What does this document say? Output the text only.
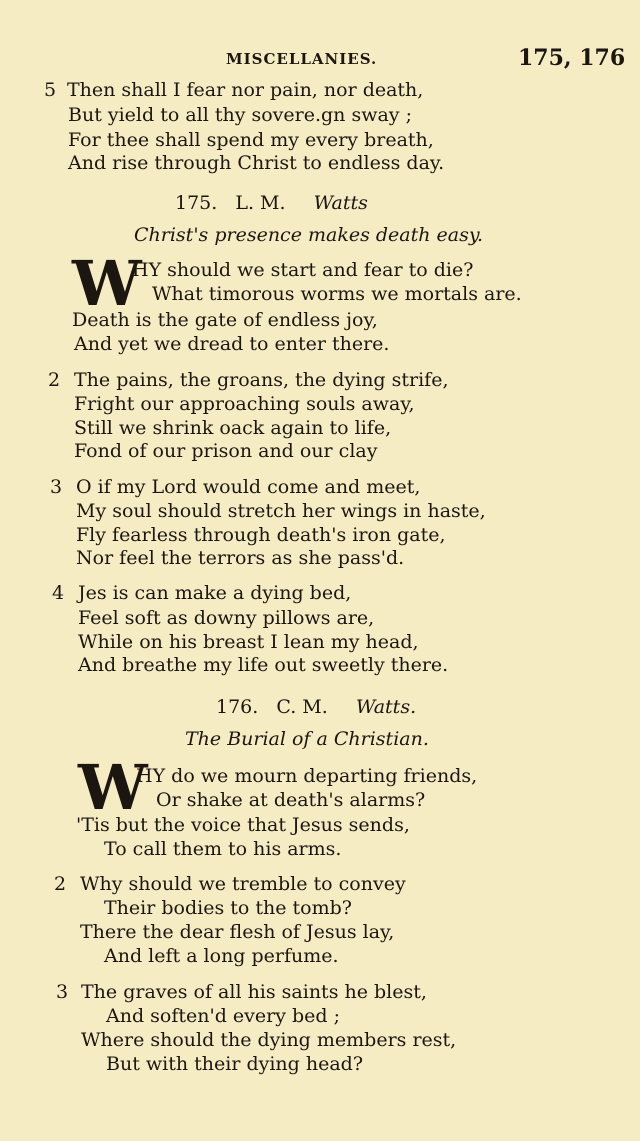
MISCELLANIES.	175, 176
5 Then shall I fear nor pain, nor death,
But yield to all thy sovere.gn sway ;
For thee shall spend my every breath,
And rise through Christ to endless day.
175. L. M. Watts
Christ's presence makes death easy.
W
HY should we start and fear to die?
What timorous worms we mortals are.
Death is the gate of endless joy,
And yet we dread to enter there.
2 The pains, the groans, the dying strife,
Fright our approaching souls away,
Still we shrink oack again to life,
Fond of our prison and our clay
3 O if my Lord would come and meet,
My soul should stretch her wings in haste,
Fly fearless through death's iron gate,
Nor feel the terrors as she pass'd.
4 Jes is can make a dying bed,
Feel soft as downy pillows are,
While on his breast I lean my head,
And breathe my life out sweetly there.
176. C. M. Watts.
The Burial of a Christian.
W
HY do we mourn departing friends,
Or shake at death's alarms?
'Tis but the voice that Jesus sends,
To call them to his arms.
2 Why should we tremble to convey
Their bodies to the tomb?
There the dear flesh of Jesus lay,
And left a long perfume.
3 The graves of all his saints he blest,
And soften'd every bed ;
Where should the dying members rest,
But with their dying head?
